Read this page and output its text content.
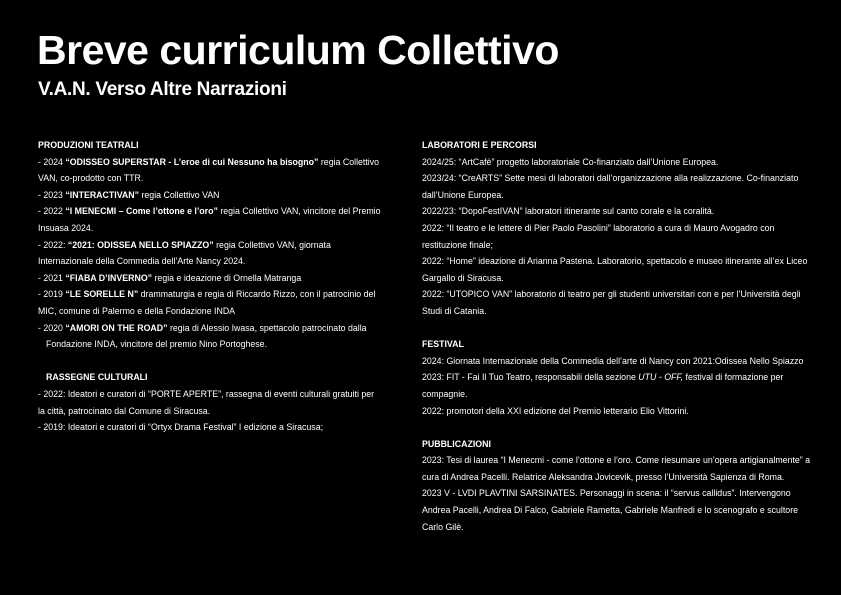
Breve curriculum Collettivo
V.A.N. Verso Altre Narrazioni

PRODUZIONI TEATRALI

- 2024 “ODISSEO SUPERSTAR - L’eroe di cui Nessuno ha bisogno” regia Collettivo VAN, co-prodotto con TTR.

- 2023 “INTERACTIVAN” regia Collettivo VAN

- 2022 “I MENECMI – Come l’ottone e l’oro” regia Collettivo VAN, vincitore del Premio Insuasa 2024.

- 2022: “2021: ODISSEA NELLO SPIAZZO” regia Collettivo VAN, giornata Internazionale della Commedia dell’Arte Nancy 2024.

- 2021 “FIABA D’INVERNO” regia e ideazione di Ornella Matranga

- 2019 “LE SORELLE N” drammaturgia e regia di Riccardo Rizzo, con il patrocinio del MIC, comune di Palermo e della Fondazione INDA

- 2020 “AMORI ON THE ROAD” regia di Alessio Iwasa, spettacolo patrocinato dalla Fondazione INDA, vincitore del premio Nino Portoghese.

RASSEGNE CULTURALI

- 2022: Ideatori e curatori di “PORTE APERTE”, rassegna di eventi culturali gratuiti per la città, patrocinato dal Comune di Siracusa.

- 2019: Ideatori e curatori di “Ortyx Drama Festival” I edizione a Siracusa;

LABORATORI E PERCORSI

2024/25: “ArtCafè” progetto laboratoriale Co-finanziato dall’Unione Europea.

2023/24: “CreARTS” Sette mesi di laboratori dall’organizzazione alla realizzazione. Co-finanziato dall’Unione Europea.

2022/23: “DopoFestIVAN” laboratori itinerante sul canto corale e la coralità.

2022: “Il teatro e le lettere di Pier Paolo Pasolini” laboratorio a cura di Mauro Avogadro con restituzione finale;

2022: “Home” ideazione di Arianna Pastena. Laboratorio, spettacolo e museo itinerante all’ex Liceo Gargallo di Siracusa.

2022: “UTOPICO VAN” laboratorio di teatro per gli studenti universitari con e per l’Università degli Studi di Catania.

FESTIVAL

2024: Giornata Internazionale della Commedia dell’arte di Nancy con 2021:Odissea Nello Spiazzo

2023: FIT - Fai Il Tuo Teatro, responsabili della sezione UTU - OFF, festival di formazione per compagnie.

2022: promotori della XXI edizione del Premio letterario Elio Vittorini.

PUBBLICAZIONI

2023: Tesi di laurea “I Menecmi - come l’ottone e l’oro. Come riesumare un’opera artigianalmente” a cura di Andrea Pacelli. Relatrice Aleksandra Jovicevik, presso l’Università Sapienza di Roma.

2023 V - LVDI PLAVTINI SARSINATES. Personaggi in scena: il “servus callidus”. Intervengono Andrea Pacelli, Andrea Di Falco, Gabriele Rametta, Gabriele Manfredi e lo scenografo e scultore Carlo Gilè.
